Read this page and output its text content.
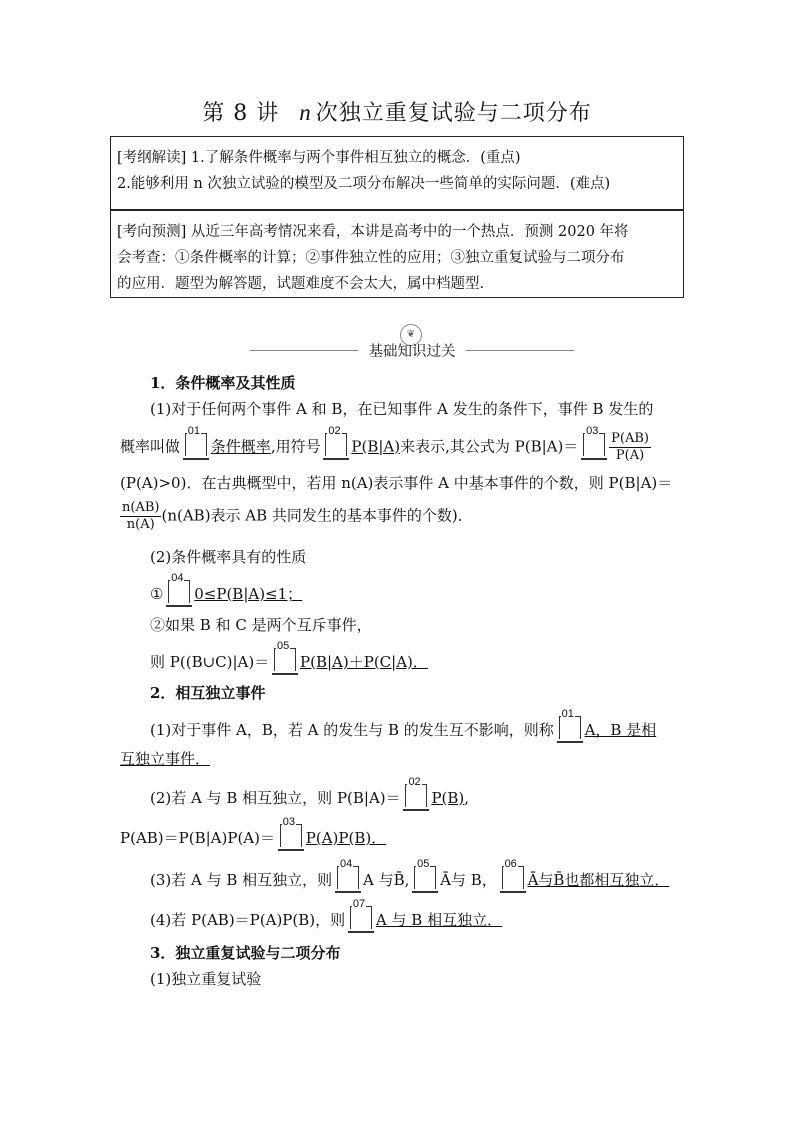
第 8 讲 n 次独立重复试验与二项分布
[考纲解读] 1.了解条件概率与两个事件相互独立的概念．(重点)
2.能够利用 n 次独立试验的模型及二项分布解决一些简单的实际问题．(难点)
[考向预测] 从近三年高考情况来看，本讲是高考中的一个热点．预测 2020 年将
会考查：①条件概率的计算；②事件独立性的应用；③独立重复试验与二项分布
的应用．题型为解答题，试题难度不会太大，属中档题型.
❦
基础知识过关
1．条件概率及其性质
(1)对于任何两个事件 A 和 B，在已知事件 A 发生的条件下，事件 B 发生的
概率叫做
01
条件概率,用符号
02
P(B|A)来表示,其公式为 P(B|A)＝
03
$\frac{P(AB)}{P(A)}$
(P(A)>0)．在古典概型中，若用 n(A)表示事件 A 中基本事件的个数，则 P(B|A)＝
$\frac{n(AB)}{n(A)} (n(AB)$表示 AB 共同发生的基本事件的个数)．
(2)条件概率具有的性质
①
04
0≤P(B|A)≤1；
②如果 B 和 C 是两个互斥事件，
则 P((B∪C)|A)＝
05
P(B|A)＋P(C|A)．
2．相互独立事件
(1)对于事件 A，B，若 A 的发生与 B 的发生互不影响，则称
01
A，B 是相
互独立事件．
(2)若 A 与 B 相互独立，则 P(B|A)＝
02
P(B),
P(AB)＝P(B|A)P(A)＝
03
P(A)P(B)．
(3)若 A 与 B 相互独立，则
04
A 与B̄,
05
Ā与 B，
06
Ā与B̄也都相互独立．
(4)若 P(AB)＝P(A)P(B)，则
07
A 与 B 相互独立．
3．独立重复试验与二项分布
(1)独立重复试验
